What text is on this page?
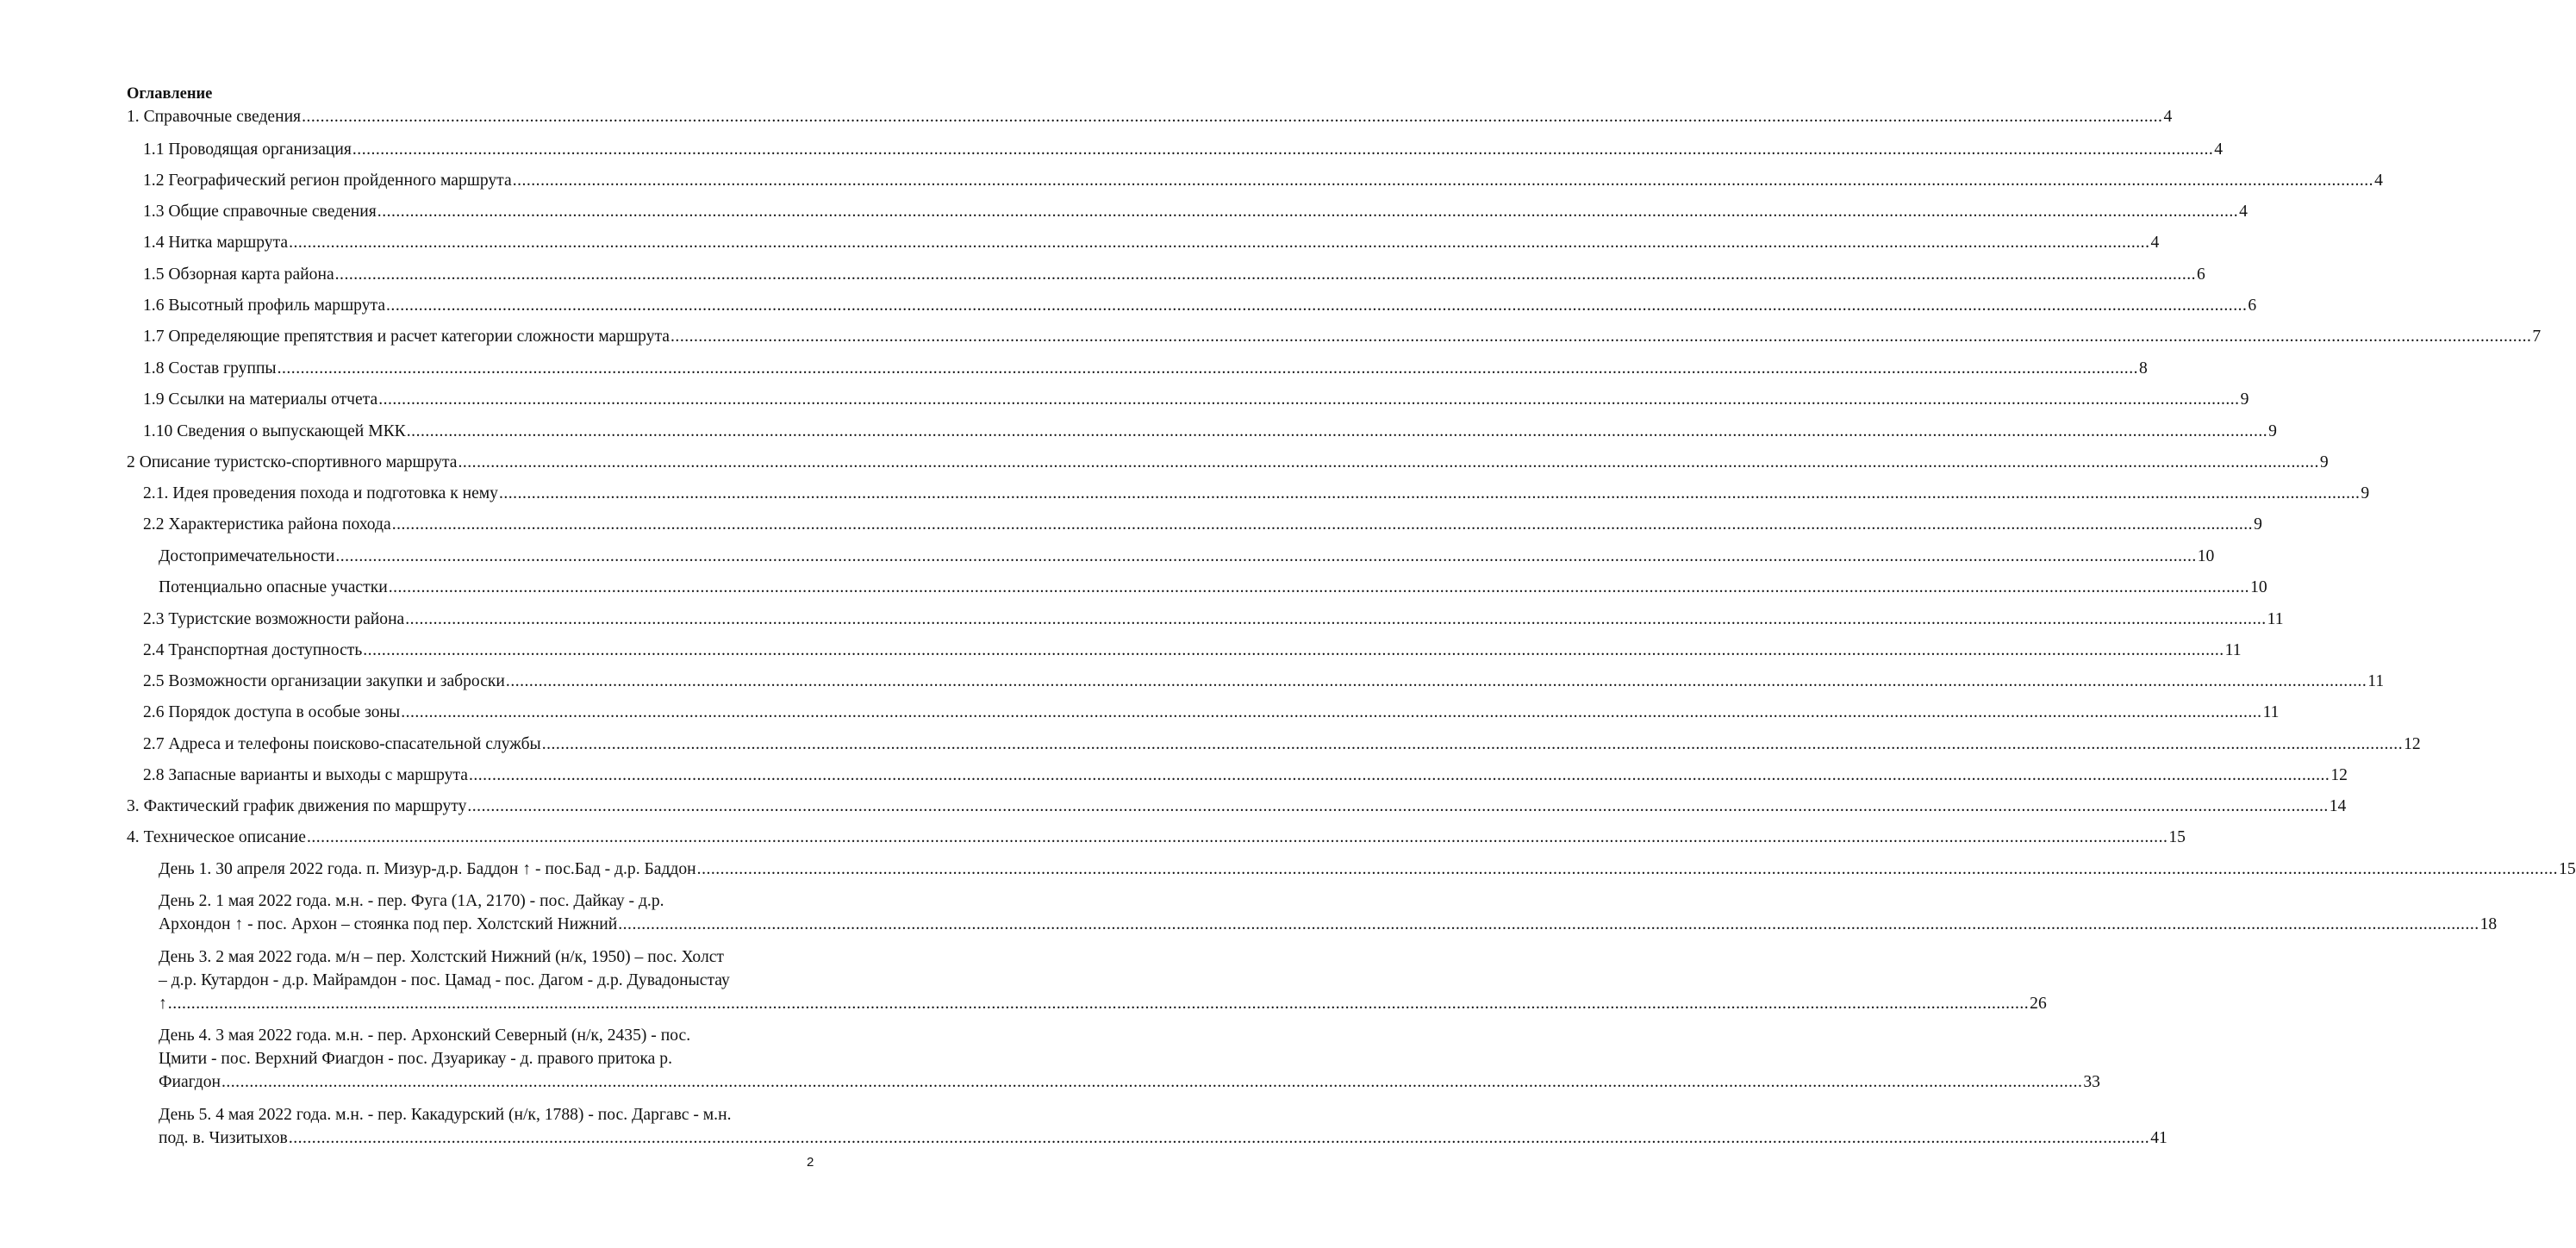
Оглавление
1. Справочные сведения ................................................................................................................................................................................................................................................................................................................................................................................................................ 4
1.1 Проводящая организация ................................................................................................................................................................................................................................................................................................................................................................................................................ 4
1.2 Географический регион пройденного маршрута ................................................................................................................................................................................................................................................................................................................................................................................................................ 4
1.3 Общие справочные сведения ................................................................................................................................................................................................................................................................................................................................................................................................................ 4
1.4 Нитка маршрута ................................................................................................................................................................................................................................................................................................................................................................................................................ 4
1.5 Обзорная карта района ................................................................................................................................................................................................................................................................................................................................................................................................................ 6
1.6 Высотный профиль маршрута ................................................................................................................................................................................................................................................................................................................................................................................................................ 6
1.7 Определяющие препятствия и расчет категории сложности маршрута ................................................................................................................................................................................................................................................................................................................................................................................................................ 7
1.8 Состав группы ................................................................................................................................................................................................................................................................................................................................................................................................................ 8
1.9 Ссылки на материалы отчета ................................................................................................................................................................................................................................................................................................................................................................................................................ 9
1.10 Сведения о выпускающей МКК ................................................................................................................................................................................................................................................................................................................................................................................................................ 9
2 Описание туристско-спортивного маршрута ................................................................................................................................................................................................................................................................................................................................................................................................................ 9
2.1. Идея проведения похода и подготовка к нему ................................................................................................................................................................................................................................................................................................................................................................................................................ 9
2.2 Характеристика района похода ................................................................................................................................................................................................................................................................................................................................................................................................................ 9
Достопримечательности ................................................................................................................................................................................................................................................................................................................................................................................................................ 10
Потенциально опасные участки ................................................................................................................................................................................................................................................................................................................................................................................................................ 10
2.3 Туристские возможности района ................................................................................................................................................................................................................................................................................................................................................................................................................ 11
2.4 Транспортная доступность ................................................................................................................................................................................................................................................................................................................................................................................................................ 11
2.5 Возможности организации закупки и заброски ................................................................................................................................................................................................................................................................................................................................................................................................................ 11
2.6 Порядок доступа в особые зоны ................................................................................................................................................................................................................................................................................................................................................................................................................ 11
2.7 Адреса и телефоны поисково-спасательной службы ................................................................................................................................................................................................................................................................................................................................................................................................................ 12
2.8 Запасные варианты и выходы с маршрута ................................................................................................................................................................................................................................................................................................................................................................................................................ 12
3. Фактический график движения по маршруту ................................................................................................................................................................................................................................................................................................................................................................................................................ 14
4. Техническое описание ................................................................................................................................................................................................................................................................................................................................................................................................................ 15
День 1. 30 апреля 2022 года. п. Мизур-д.р. Баддон ↑ - пос.Бад - д.р. Баддон ................................................................................................................................................................................................................................................................................................................................................................................................................ 15
День 2. 1 мая 2022 года. м.н. - пер. Фуга (1А, 2170) - пос. Дайкау - д.р.
Архондон ↑ - пос. Архон – стоянка под пер. Холстский Нижний ................................................................................................................................................................................................................................................................................................................................................................................................................ 18
День 3. 2 мая 2022 года. м/н – пер. Холстский Нижний (н/к, 1950) – пос. Холст
– д.р. Кутардон - д.р. Майрамдон - пос. Цамад - пос. Дагом - д.р. Дувадоныстау
↑ ................................................................................................................................................................................................................................................................................................................................................................................................................ 26
День 4. 3 мая 2022 года. м.н. - пер. Архонский Северный (н/к, 2435) - пос.
Цмити - пос. Верхний Фиагдон - пос. Дзуарикау - д. правого притока р.
Фиагдон ................................................................................................................................................................................................................................................................................................................................................................................................................ 33
День 5. 4 мая 2022 года. м.н. - пер. Какадурский (н/к, 1788) - пос. Даргавс - м.н.
под. в. Чизитыхов ................................................................................................................................................................................................................................................................................................................................................................................................................ 41
2
